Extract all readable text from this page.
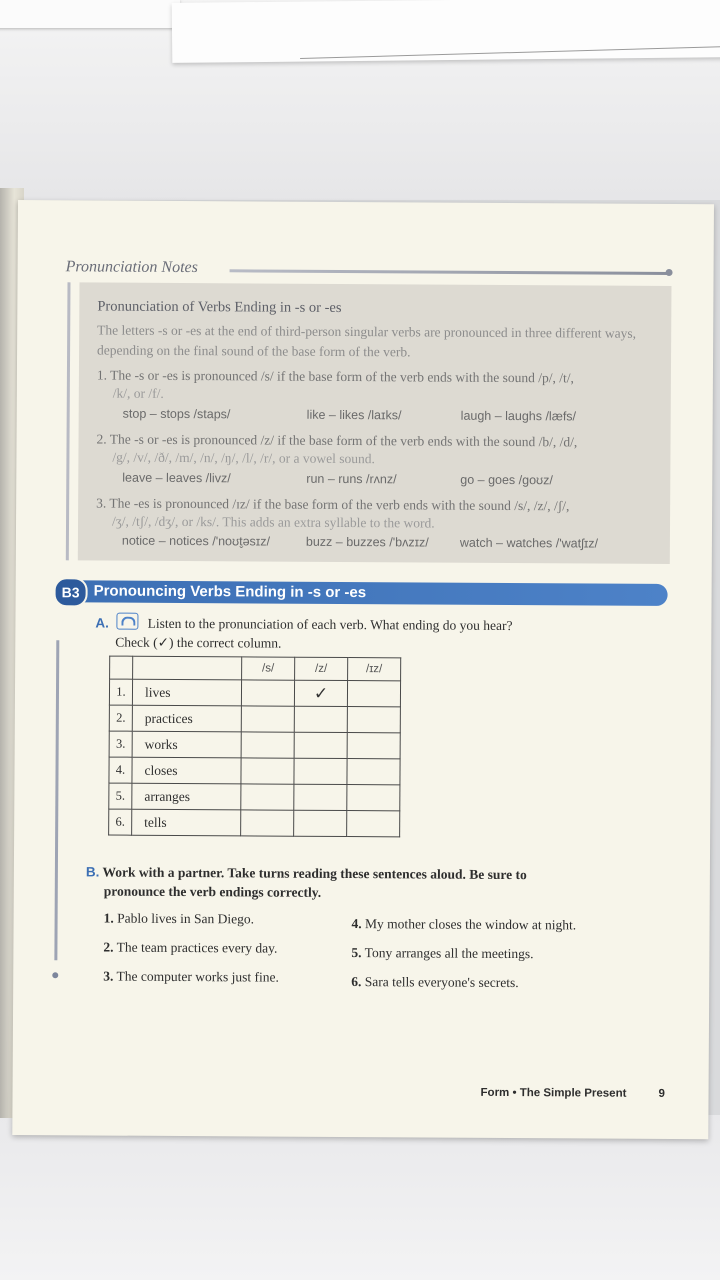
Pronunciation Notes
Pronunciation of Verbs Ending in -s or -es
The letters -s or -es at the end of third-person singular verbs are pronounced in three different ways, depending on the final sound of the base form of the verb.
1. The -s or -es is pronounced /s/ if the base form of the verb ends with the sound /p/, /t/,
/k/, or /f/.
stop – stops /staps/	like – likes /laɪks/	laugh – laughs /læfs/
2. The -s or -es is pronounced /z/ if the base form of the verb ends with the sound /b/, /d/,
/g/, /v/, /ð/, /m/, /n/, /ŋ/, /l/, /r/, or a vowel sound.
leave – leaves /livz/	run – runs /rʌnz/	go – goes /goʊz/
3. The -es is pronounced /ɪz/ if the base form of the verb ends with the sound /s/, /z/, /ʃ/,
/ʒ/, /tʃ/, /dʒ/, or /ks/. This adds an extra syllable to the word.
notice – notices /'noʊt̬əsɪz/	buzz – buzzes /'bʌzɪz/ watch – watches /'watʃɪz/
B3 Pronouncing Verbs Ending in -s or -es
A.	Listen to the pronunciation of each verb. What ending do you hear?
Check (✓) the correct column.
		/s/	/z/	/ɪz/
1.	lives		✓	
2.	practices			
3.	works			
4.	closes			
5.	arranges			
6.	tells			
B. Work with a partner. Take turns reading these sentences aloud. Be sure to
pronounce the verb endings correctly.
1. Pablo lives in San Diego.
2. The team practices every day.
3. The computer works just fine.
4. My mother closes the window at night.
5. Tony arranges all the meetings.
6. Sara tells everyone's secrets.
Form • The Simple Present	9
